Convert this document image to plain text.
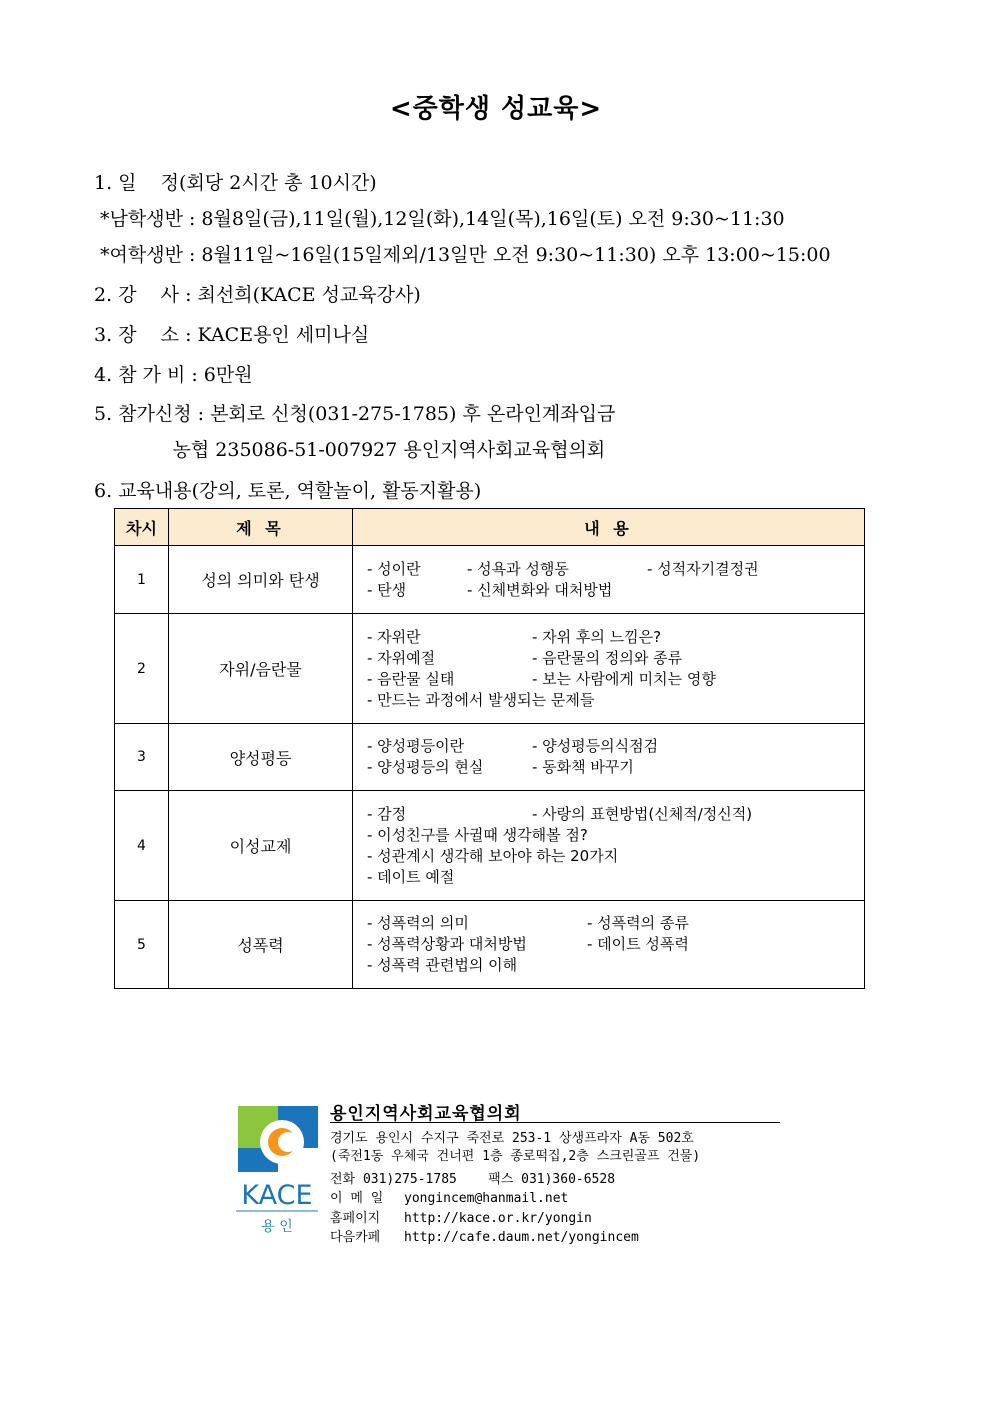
<중학생 성교육>
1. 일    정(회당 2시간 총 10시간)
*남학생반 : 8월8일(금),11일(월),12일(화),14일(목),16일(토) 오전 9:30~11:30
*여학생반 : 8월11일~16일(15일제외/13일만 오전 9:30~11:30) 오후 13:00~15:00
2. 강    사 : 최선희(KACE 성교육강사)
3. 장    소 : KACE용인 세미나실
4. 참 가 비 : 6만원
5. 참가신청 : 본회로 신청(031-275-1785) 후 온라인계좌입금
농협 235086-51-007927 용인지역사회교육협의회
6. 교육내용(강의, 토론, 역할놀이, 활동지활용)
차시	제 목	내 용
1	성의 의미와 탄생	- 성이란 - 성욕과 성행동 - 성적자기결정권
- 탄생 - 신체변화와 대처방법

2	자위/음란물	- 자위란 - 자위 후의 느낌은?
- 자위예절 - 음란물의 정의와 종류
- 음란물 실태 - 보는 사람에게 미치는 영향
- 만드는 과정에서 발생되는 문제들

3	양성평등	- 양성평등이란 - 양성평등의식점검
- 양성평등의 현실 - 동화책 바꾸기

4	이성교제	- 감정 - 사랑의 표현방법(신체적/정신적)
- 이성친구를 사귈때 생각해볼 점?
- 성관계시 생각해 보아야 하는 20가지
- 데이트 예절

5	성폭력	- 성폭력의 의미 - 성폭력의 종류
- 성폭력상황과 대처방법 - 데이트 성폭력
- 성폭력 관련법의 이해
KACE
용 인
용인지역사회교육협의회
경기도 용인시 수지구 죽전로 253-1 상생프라자 A동 502호
(죽전1동 우체국 건너편 1층 종로떡집,2층 스크린골프 건물)
전화 031)275-1785    팩스 031)360-6528
이 메 일 yongincem@hanmail.net
홈페이지 http://kace.or.kr/yongin
다음카페 http://cafe.daum.net/yongincem
